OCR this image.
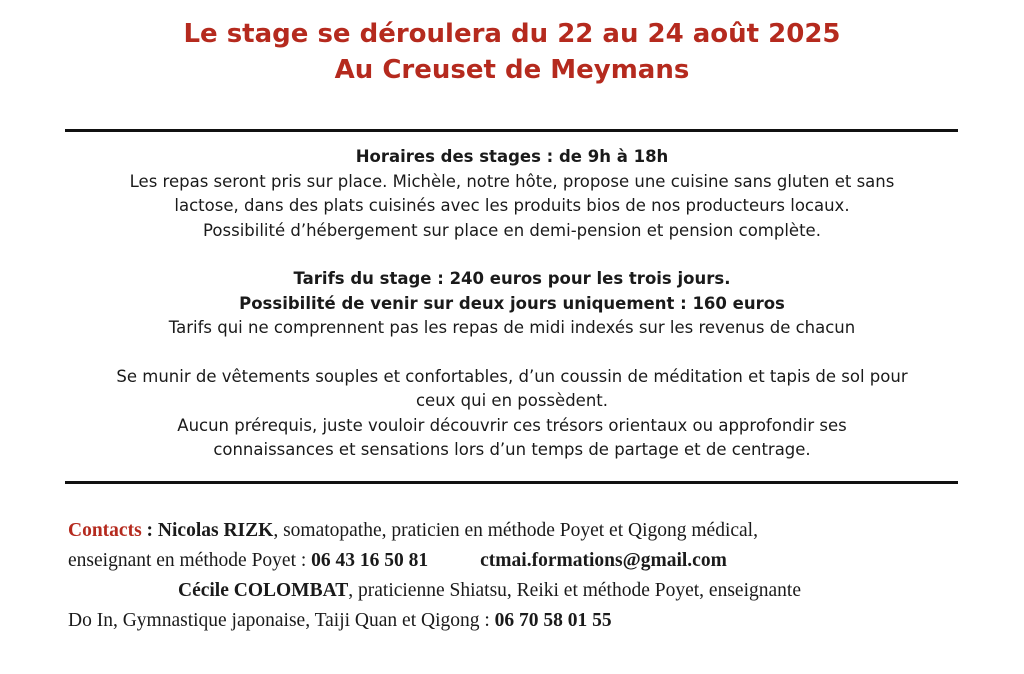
Le stage se déroulera du 22 au 24 août 2025
Au Creuset de Meymans

Horaires des stages : de 9h à 18h

Les repas seront pris sur place. Michèle, notre hôte, propose une cuisine sans gluten et sans

lactose, dans des plats cuisinés avec les produits bios de nos producteurs locaux.

Possibilité d’hébergement sur place en demi-pension et pension complète.

Tarifs du stage : 240 euros pour les trois jours.

Possibilité de venir sur deux jours uniquement : 160 euros

Tarifs qui ne comprennent pas les repas de midi indexés sur les revenus de chacun

Se munir de vêtements souples et confortables, d’un coussin de méditation et tapis de sol pour

ceux qui en possèdent.

Aucun prérequis, juste vouloir découvrir ces trésors orientaux ou approfondir ses

connaissances et sensations lors d’un temps de partage et de centrage.

Contacts : Nicolas RIZK, somatopathe, praticien en méthode Poyet et Qigong médical,

enseignant en méthode Poyet : 06 43 16 50 81	ctmai.formations@gmail.com

Cécile COLOMBAT, praticienne Shiatsu, Reiki et méthode Poyet, enseignante

Do In, Gymnastique japonaise, Taiji Quan et Qigong : 06 70 58 01 55
